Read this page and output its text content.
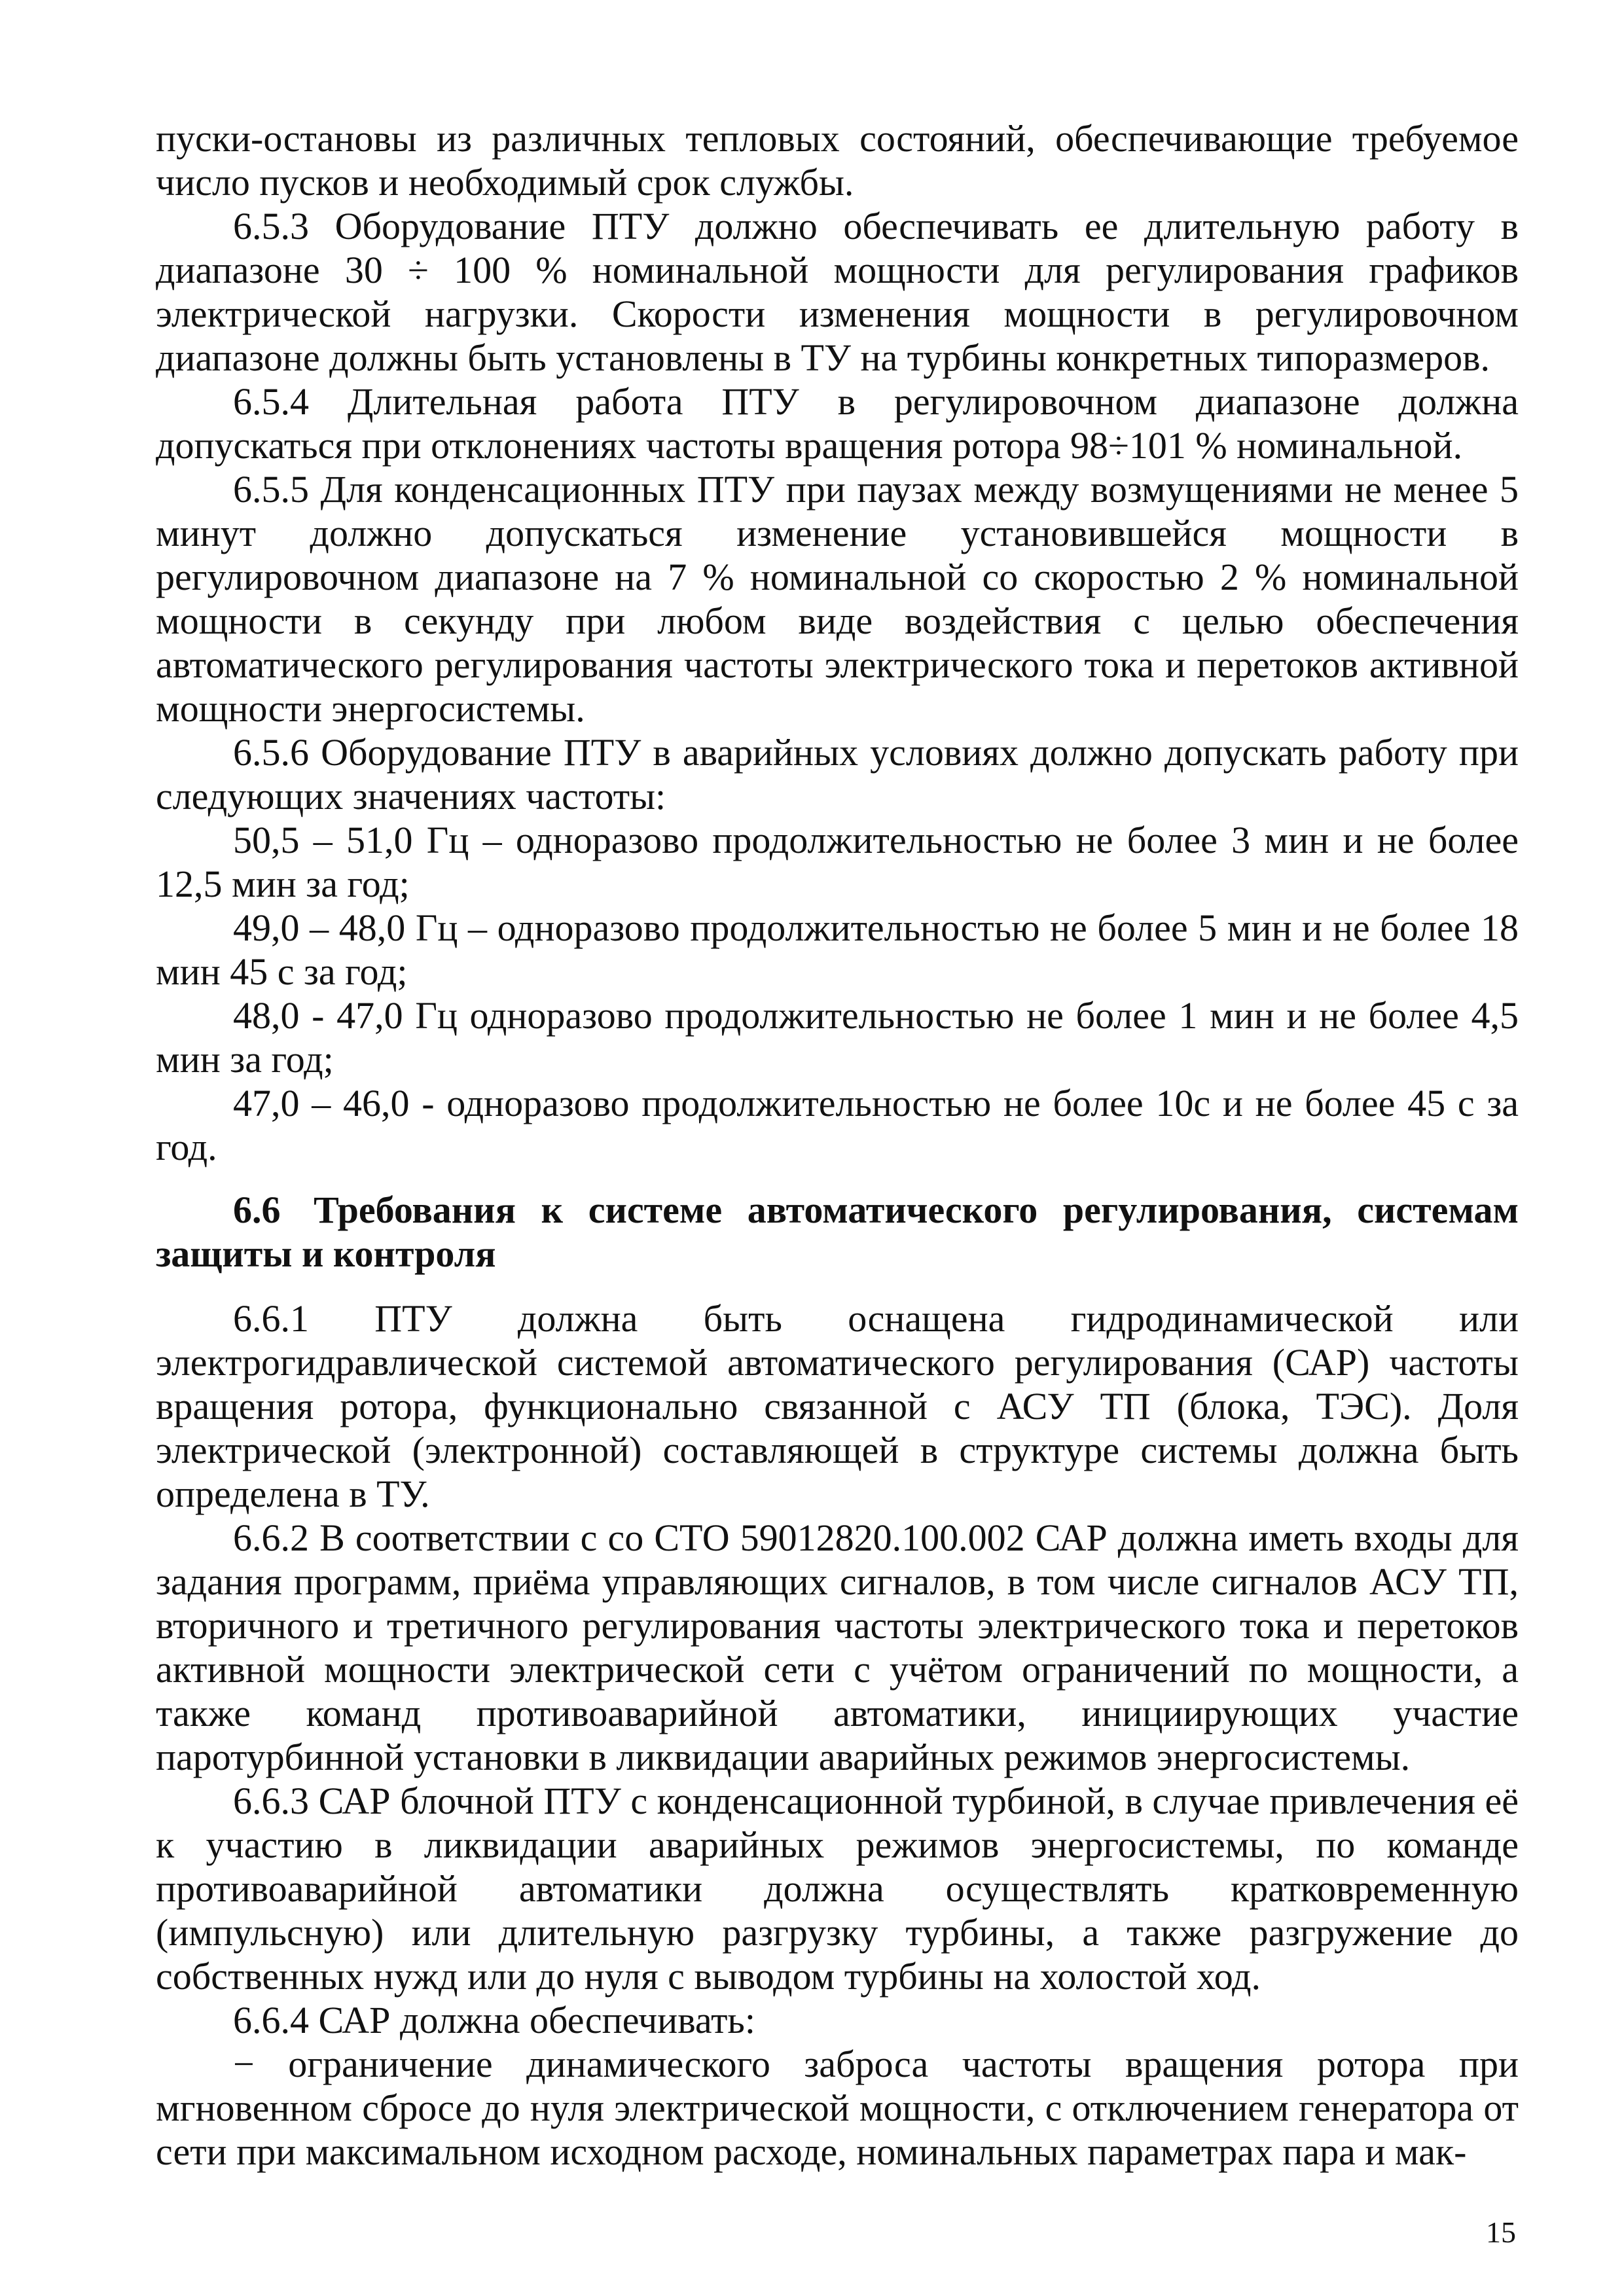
пуски-остановы из различных тепловых состояний, обеспечивающие требуемое число пусков и необходимый срок службы.

6.5.3 Оборудование ПТУ должно обеспечивать ее длительную работу в диапазоне 30 ÷ 100 % номинальной мощности для регулирования графиков электрической нагрузки. Скорости изменения мощности в регулировочном диапазоне должны быть установлены в ТУ на турбины конкретных типоразмеров.

6.5.4 Длительная работа ПТУ в регулировочном диапазоне должна допускаться при отклонениях частоты вращения ротора 98÷101 % номинальной.

6.5.5 Для конденсационных ПТУ при паузах между возмущениями не менее 5 минут должно допускаться изменение установившейся мощности в регулировочном диапазоне на 7 % номинальной со скоростью 2 % номинальной мощности в секунду при любом виде воздействия с целью обеспечения автоматического регулирования частоты электрического тока и перетоков активной мощности энергосистемы.

6.5.6 Оборудование ПТУ в аварийных условиях должно допускать работу при следующих значениях частоты:

50,5 – 51,0 Гц – одноразово продолжительностью не более 3 мин и не более 12,5 мин за год;

49,0 – 48,0 Гц – одноразово продолжительностью не более 5 мин и не более 18 мин 45 с за год;

48,0 - 47,0 Гц одноразово продолжительностью не более 1 мин и не более 4,5 мин за год;

47,0 – 46,0 - одноразово продолжительностью не более 10с и не более 45 с за год.

6.6 Требования к системе автоматического регулирования, системам защиты и контроля

6.6.1 ПТУ должна быть оснащена гидродинамической или электрогидравлической системой автоматического регулирования (САР) частоты вращения ротора, функционально связанной с АСУ ТП (блока, ТЭС). Доля электрической (электронной) составляющей в структуре системы должна быть определена в ТУ.

6.6.2 В соответствии с со СТО 59012820.100.002 САР должна иметь входы для задания программ, приёма управляющих сигналов, в том числе сигналов АСУ ТП, вторичного и третичного регулирования частоты электрического тока и перетоков активной мощности электрической сети с учётом ограничений по мощности, а также команд противоаварийной автоматики, инициирующих участие паротурбинной установки в ликвидации аварийных режимов энергосистемы.

6.6.3 САР блочной ПТУ с конденсационной турбиной, в случае привлечения её к участию в ликвидации аварийных режимов энергосистемы, по команде противоаварийной автоматики должна осуществлять кратковременную (импульсную) или длительную разгрузку турбины, а также разгружение до собственных нужд или до нуля с выводом турбины на холостой ход.

6.6.4 САР должна обеспечивать:

− ограничение динамического заброса частоты вращения ротора при мгновенном сбросе до нуля электрической мощности, с отключением генератора от сети при максимальном исходном расходе, номинальных параметрах пара и мак-

15
